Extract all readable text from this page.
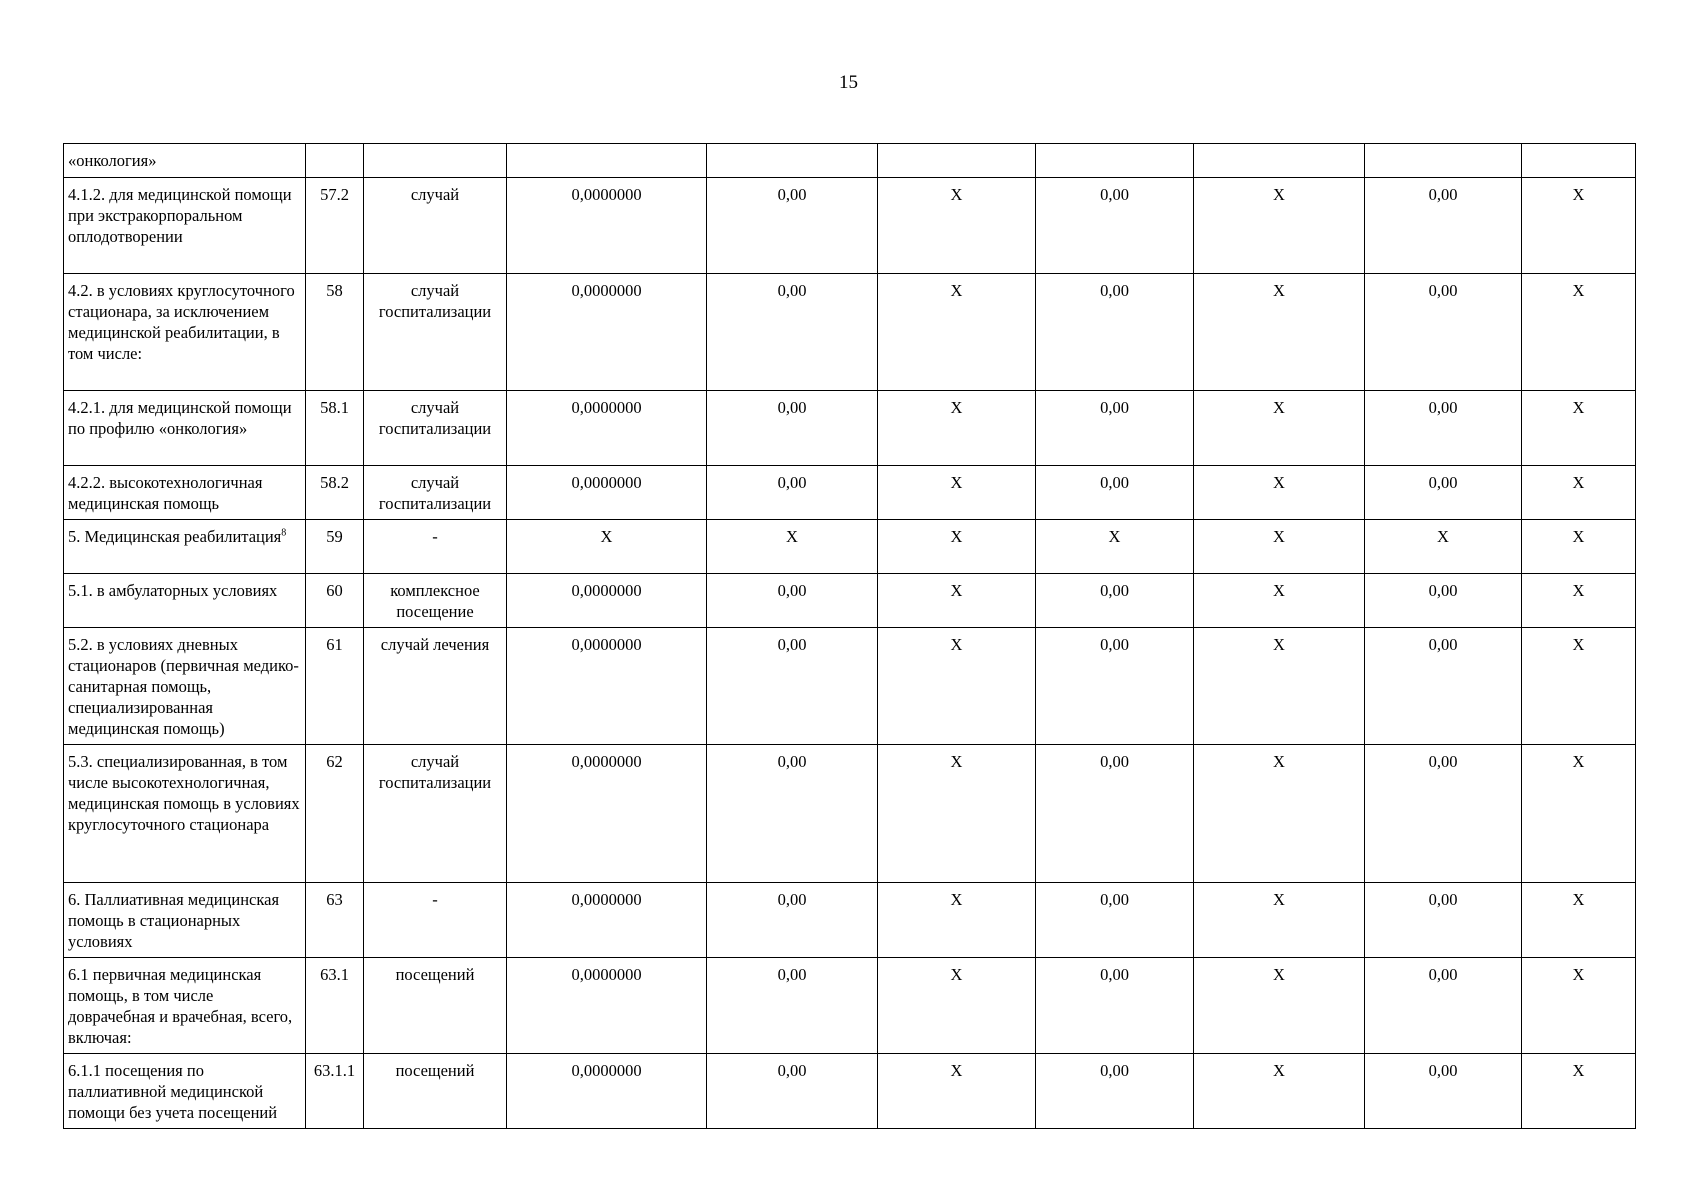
15
«онкология»									
4.1.2. для медицинской помощи при экстракорпоральном оплодотворении	57.2	случай	0,0000000	0,00	Х	0,00	Х	0,00	Х
4.2. в условиях круглосуточного стационара, за исключением медицинской реабилитации, в том числе:	58	случай госпитализации	0,0000000	0,00	Х	0,00	Х	0,00	Х
4.2.1. для медицинской помощи по профилю «онкология»	58.1	случай госпитализации	0,0000000	0,00	Х	0,00	Х	0,00	Х
4.2.2. высокотехнологичная медицинская помощь	58.2	случай госпитализации	0,0000000	0,00	Х	0,00	Х	0,00	Х
5. Медицинская реабилитация$^8$	59	-	Х	Х	Х	Х	Х	Х	Х
5.1. в амбулаторных условиях	60	комплексное посещение	0,0000000	0,00	Х	0,00	Х	0,00	Х
5.2. в условиях дневных стационаров (первичная медико-санитарная помощь, специализированная медицинская помощь)	61	случай лечения	0,0000000	0,00	Х	0,00	Х	0,00	Х
5.3. специализированная, в том числе высокотехнологичная, медицинская помощь в условиях круглосуточного стационара	62	случай госпитализации	0,0000000	0,00	Х	0,00	Х	0,00	Х
6. Паллиативная медицинская помощь в стационарных условиях	63	-	0,0000000	0,00	Х	0,00	Х	0,00	Х
6.1 первичная медицинская помощь, в том числе доврачебная и врачебная, всего, включая:	63.1	посещений	0,0000000	0,00	Х	0,00	Х	0,00	Х
6.1.1 посещения по паллиативной медицинской помощи без учета посещений	63.1.1	посещений	0,0000000	0,00	Х	0,00	Х	0,00	Х
